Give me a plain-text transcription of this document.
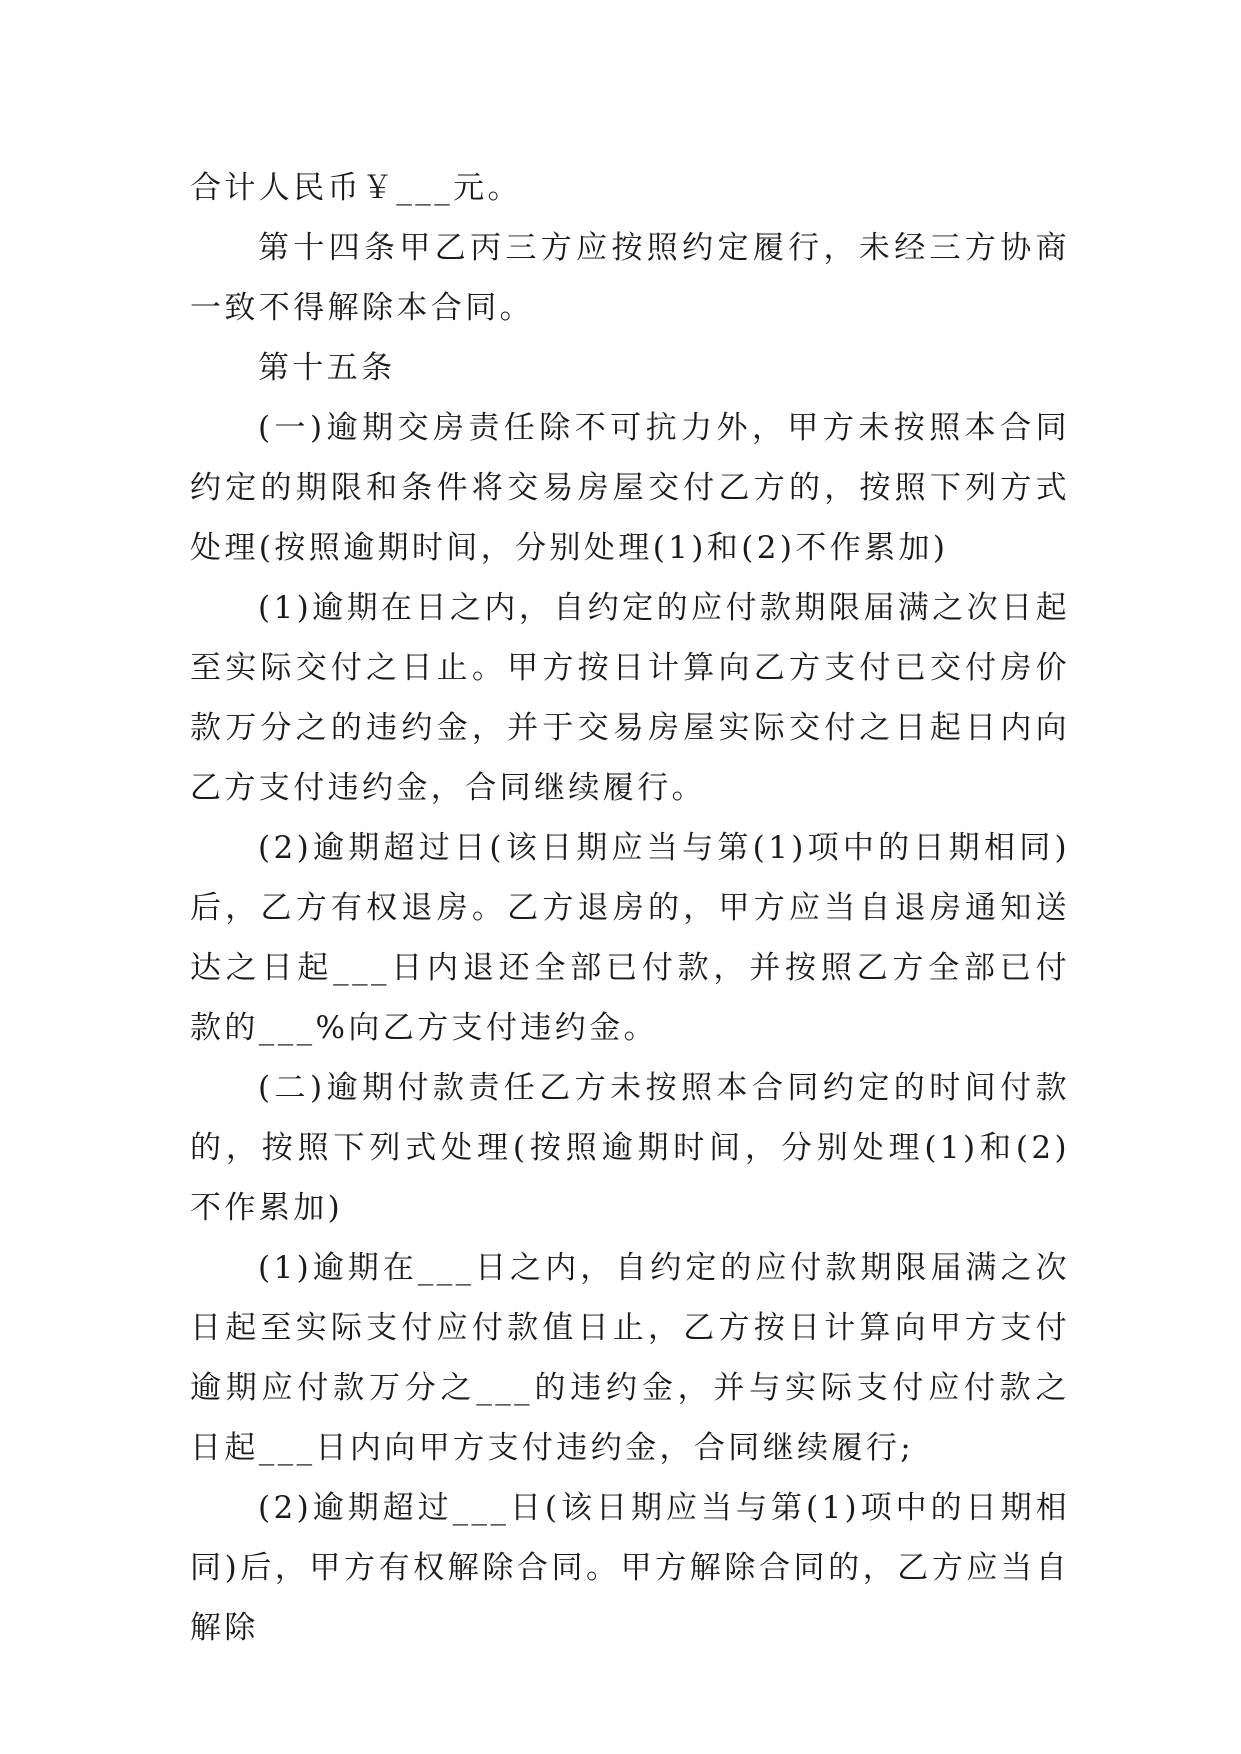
合计人民币￥___元。

第十四条甲乙丙三方应按照约定履行，未经三方协商一致不得解除本合同。

第十五条

(一)逾期交房责任除不可抗力外，甲方未按照本合同约定的期限和条件将交易房屋交付乙方的，按照下列方式处理(按照逾期时间，分别处理(1)和(2)不作累加)

(1)逾期在日之内，自约定的应付款期限届满之次日起至实际交付之日止。甲方按日计算向乙方支付已交付房价款万分之的违约金，并于交易房屋实际交付之日起日内向乙方支付违约金，合同继续履行。

(2)逾期超过日(该日期应当与第(1)项中的日期相同)后，乙方有权退房。乙方退房的，甲方应当自退房通知送达之日起___日内退还全部已付款，并按照乙方全部已付款的___%向乙方支付违约金。

(二)逾期付款责任乙方未按照本合同约定的时间付款的，按照下列式处理(按照逾期时间，分别处理(1)和(2)不作累加)

(1)逾期在___日之内，自约定的应付款期限届满之次日起至实际支付应付款值日止，乙方按日计算向甲方支付逾期应付款万分之___的违约金，并与实际支付应付款之日起___日内向甲方支付违约金，合同继续履行;

(2)逾期超过___日(该日期应当与第(1)项中的日期相同)后，甲方有权解除合同。甲方解除合同的，乙方应当自解除
